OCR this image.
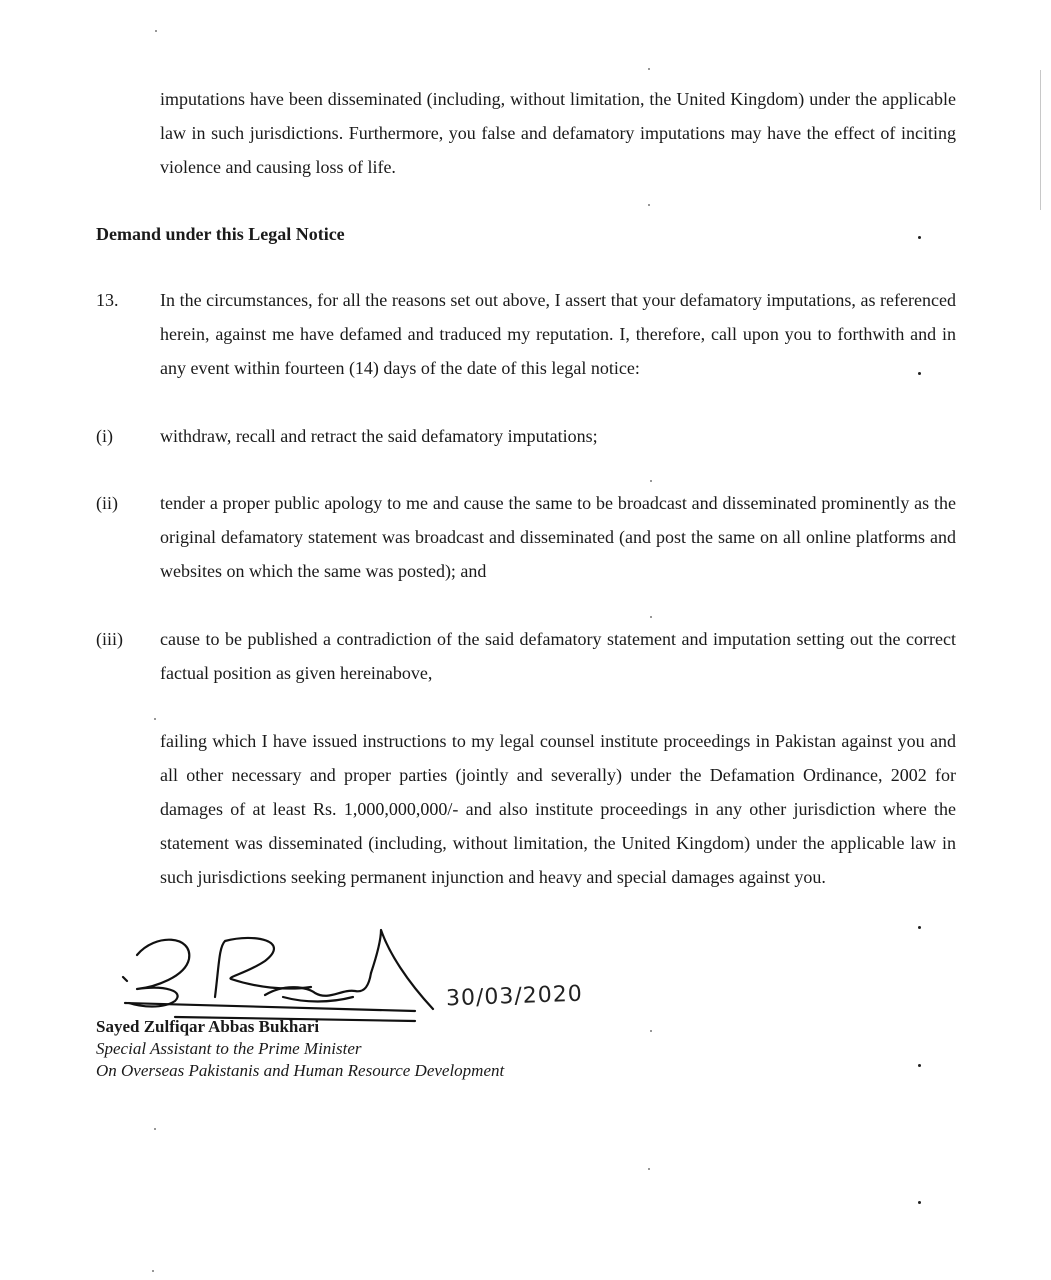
imputations have been disseminated (including, without limitation, the United Kingdom) under the applicable law in such jurisdictions. Furthermore, you false and defamatory imputations may have the effect of inciting violence and causing loss of life.

Demand under this Legal Notice
13. In the circumstances, for all the reasons set out above, I assert that your defamatory imputations, as referenced herein, against me have defamed and traduced my reputation. I, therefore, call upon you to forthwith and in any event within fourteen (14) days of the date of this legal notice:

(i)	withdraw, recall and retract the said defamatory imputations;

(ii) tender a proper public apology to me and cause the same to be broadcast and disseminated prominently as the original defamatory statement was broadcast and disseminated (and post the same on all online platforms and websites on which the same was posted); and

(iii) cause to be published a contradiction of the said defamatory statement and imputation setting out the correct factual position as given hereinabove,

failing which I have issued instructions to my legal counsel institute proceedings in Pakistan against you and all other necessary and proper parties (jointly and severally) under the Defamation Ordinance, 2002 for damages of at least Rs. 1,000,000,000/- and also institute proceedings in any other jurisdiction where the statement was disseminated (including, without limitation, the United Kingdom) under the applicable law in such jurisdictions seeking permanent injunction and heavy and special damages against you.

30/03/2020
Sayed Zulfiqar Abbas Bukhari
Special Assistant to the Prime Minister
On Overseas Pakistanis and Human Resource Development
